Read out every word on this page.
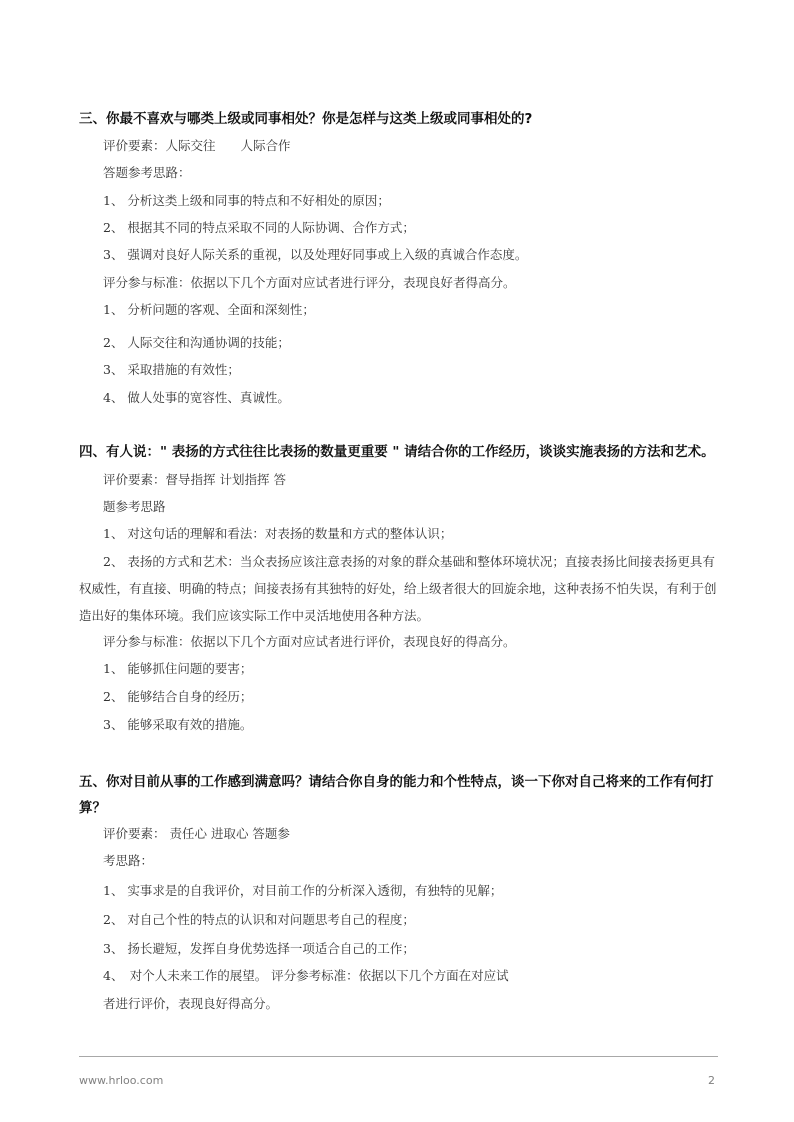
三、你最不喜欢与哪类上级或同事相处？你是怎样与这类上级或同事相处的?
评价要素：人际交往　　人际合作
答题参考思路：
1、 分析这类上级和同事的特点和不好相处的原因；
2、 根据其不同的特点采取不同的人际协调、合作方式；
3、 强调对良好人际关系的重视，以及处理好同事或上入级的真诚合作态度。
评分参与标准：依据以下几个方面对应试者进行评分，表现良好者得高分。
1、 分析问题的客观、全面和深刻性；
2、 人际交往和沟通协调的技能；
3、 采取措施的有效性；
4、 做人处事的宽容性、真诚性。
四、有人说：" 表扬的方式往往比表扬的数量更重要 " 请结合你的工作经历，谈谈实施表扬的方法和艺术。
评价要素：督导指挥 计划指挥 答
题参考思路
1、 对这句话的理解和看法：对表扬的数量和方式的整体认识；
2、 表扬的方式和艺术：当众表扬应该注意表扬的对象的群众基础和整体环境状况；直接表扬比间接表扬更具有权威性，有直接、明确的特点；间接表扬有其独特的好处，给上级者很大的回旋余地，这种表扬不怕失误，有利于创造出好的集体环境。我们应该实际工作中灵活地使用各种方法。
评分参与标准：依据以下几个方面对应试者进行评价，表现良好的得高分。
1、 能够抓住问题的要害；
2、 能够结合自身的经历；
3、 能够采取有效的措施。
五、你对目前从事的工作感到满意吗？请结合你自身的能力和个性特点，谈一下你对自己将来的工作有何打算？
评价要素： 责任心 进取心 答题参
考思路：
1、 实事求是的自我评价，对目前工作的分析深入透彻，有独特的见解；
2、 对自己个性的特点的认识和对问题思考自己的程度；
3、 扬长避短，发挥自身优势选择一项适合自己的工作；
4、　对个人未来工作的展望。 评分参考标准：依据以下几个方面在对应试
者进行评价，表现良好得高分。
www.hrloo.com	2
